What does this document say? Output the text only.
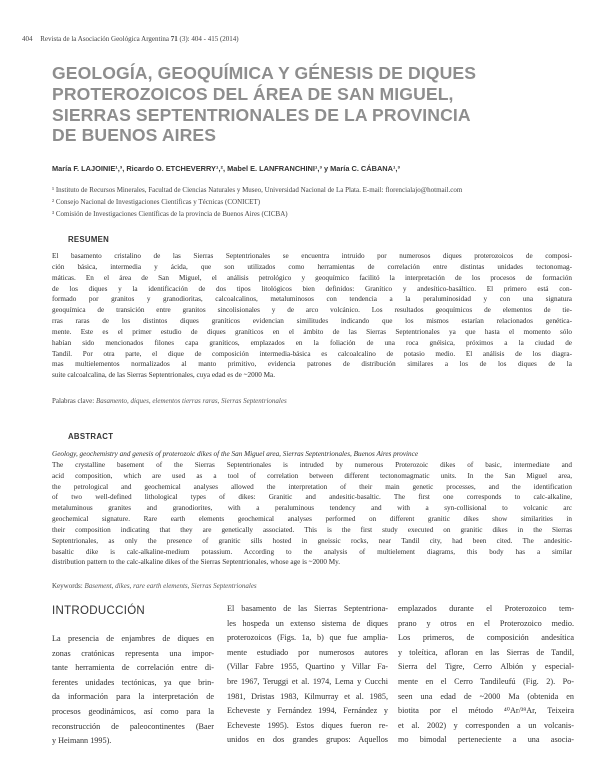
404 Revista de la Asociación Geológica Argentina 71 (3): 404 - 415 (2014)
GEOLOGÍA, GEOQUÍMICA Y GÉNESIS DE DIQUES
PROTEROZOICOS DEL ÁREA DE SAN MIGUEL,
SIERRAS SEPTENTRIONALES DE LA PROVINCIA
DE BUENOS AIRES
María F. LAJOINIE¹,³, Ricardo O. ETCHEVERRY¹,², Mabel E. LANFRANCHINI¹,³ y María C. CÁBANA¹,³
¹ Instituto de Recursos Minerales, Facultad de Ciencias Naturales y Museo, Universidad Nacional de La Plata. E-mail: florencialajo@hotmail.com
² Consejo Nacional de Investigaciones Científicas y Técnicas (CONICET)
³ Comisión de Investigaciones Científicas de la provincia de Buenos Aires (CICBA)
RESUMEN
El basamento cristalino de las Sierras Septentrionales se encuentra intruido por numerosos diques proterozoicos de composi-
ción básica, intermedia y ácida, que son utilizados como herramientas de correlación entre distintas unidades tectonomag-
máticas. En el área de San Miguel, el análisis petrológico y geoquímico facilitó la interpretación de los procesos de formación
de los diques y la identificación de dos tipos litológicos bien definidos: Granítico y andesítico-basáltico. El primero está con-
formado por granitos y granodioritas, calcoalcalinos, metaluminosos con tendencia a la peraluminosidad y con una signatura
geoquímica de transición entre granitos sincolisionales y de arco volcánico. Los resultados geoquímicos de elementos de tie-
rras raras de los distintos diques graníticos evidencian similitudes indicando que los mismos estarían relacionados genética-
mente. Este es el primer estudio de diques graníticos en el ámbito de las Sierras Septentrionales ya que hasta el momento sólo
habían sido mencionados filones capa graníticos, emplazados en la foliación de una roca gnéisica, próximos a la ciudad de
Tandil. Por otra parte, el dique de composición intermedia-básica es calcoalcalino de potasio medio. El análisis de los diagra-
mas multielementos normalizados al manto primitivo, evidencia patrones de distribución similares a los de los diques de la
suite calcoalcalina, de las Sierras Septentrionales, cuya edad es de ~2000 Ma.
Palabras clave: Basamento, diques, elementos tierras raras, Sierras Septentrionales
ABSTRACT
Geology, geochemistry and genesis of proterozoic dikes of the San Miguel area, Sierras Septentrionales, Buenos Aires province
The crystalline basement of the Sierras Septentrionales is intruded by numerous Proterozoic dikes of basic, intermediate and
acid composition, which are used as a tool of correlation between different tectonomagmatic units. In the San Miguel area,
the petrological and geochemical analyses allowed the interpretation of their main genetic processes, and the identification
of two well-defined lithological types of dikes: Granitic and andesitic-basaltic. The first one corresponds to calc-alkaline,
metaluminous granites and granodiorites, with a peraluminous tendency and with a syn-collisional to volcanic arc
geochemical signature. Rare earth elements geochemical analyses performed on different granitic dikes show similarities in
their composition indicating that they are genetically associated. This is the first study executed on granitic dikes in the Sierras
Septentrionales, as only the presence of granitic sills hosted in gneissic rocks, near Tandil city, had been cited. The andesitic-
basaltic dike is calc-alkaline-medium potassium. According to the analysis of multielement diagrams, this body has a similar
distribution pattern to the calc-alkaline dikes of the Sierras Septentrionales, whose age is ~2000 My.
Keywords: Basement, dikes, rare earth elements, Sierras Septentrionales
INTRODUCCIÓN
La presencia de enjambres de diques en
zonas cratónicas representa una impor-
tante herramienta de correlación entre di-
ferentes unidades tectónicas, ya que brin-
da información para la interpretación de
procesos geodinámicos, así como para la
reconstrucción de paleocontinentes (Baer
y Heimann 1995).
El basamento de las Sierras Septentriona-
les hospeda un extenso sistema de diques
proterozoicos (Figs. 1a, b) que fue amplia-
mente estudiado por numerosos autores
(Villar Fabre 1955, Quartino y Villar Fa-
bre 1967, Teruggi et al. 1974, Lema y Cucchi
1981, Dristas 1983, Kilmurray et al. 1985,
Echeveste y Fernández 1994, Fernández y
Echeveste 1995). Estos diques fueron re-
unidos en dos grandes grupos: Aquellos
emplazados durante el Proterozoico tem-
prano y otros en el Proterozoico medio.
Los primeros, de composición andesítica
y toleítica, afloran en las Sierras de Tandil,
Sierra del Tigre, Cerro Albión y especial-
mente en el Cerro Tandileufú (Fig. 2). Po-
seen una edad de ~2000 Ma (obtenida en
biotita por el método ⁴⁰Ar/³⁹Ar, Teixeira
et al. 2002) y corresponden a un volcanis-
mo bimodal perteneciente a una asocia-
